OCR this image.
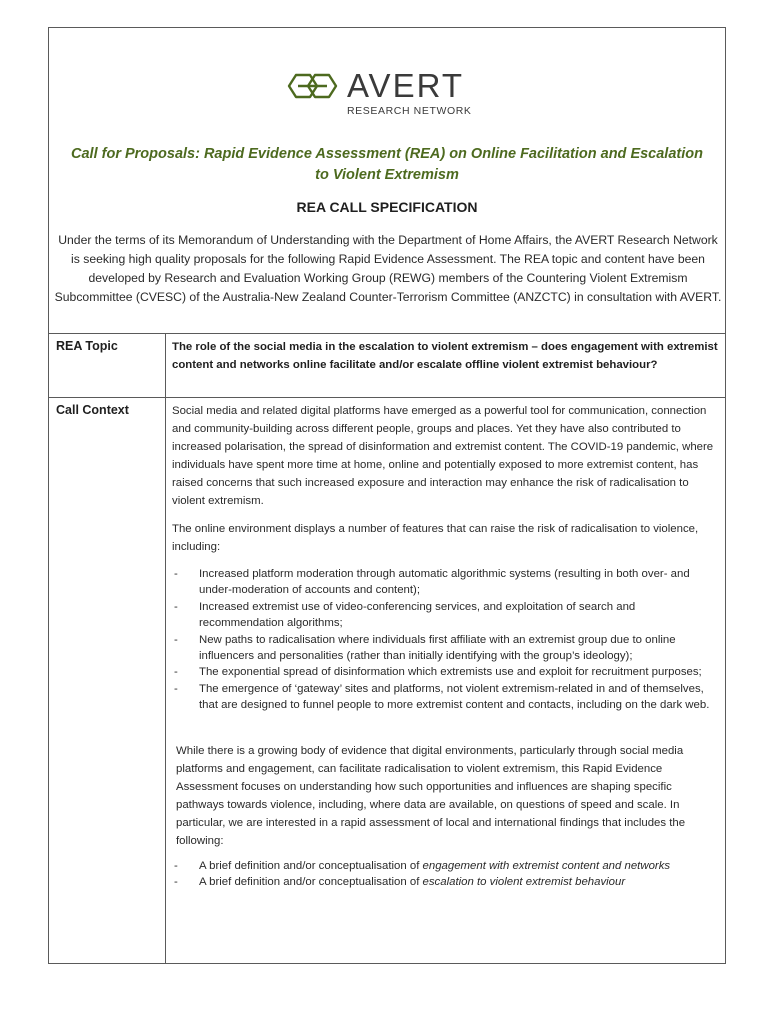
AVERT
RESEARCH NETWORK
Call for Proposals: Rapid Evidence Assessment (REA) on Online Facilitation and Escalation to Violent Extremism
REA CALL SPECIFICATION
Under the terms of its Memorandum of Understanding with the Department of Home Affairs, the AVERT Research Network is seeking high quality proposals for the following Rapid Evidence Assessment. The REA topic and content have been developed by Research and Evaluation Working Group (REWG) members of the Countering Violent Extremism Subcommittee (CVESC) of the Australia-New Zealand Counter-Terrorism Committee (ANZCTC) in consultation with AVERT.
REA Topic	The role of the social media in the escalation to violent extremism – does engagement with extremist content and networks online facilitate and/or escalate offline violent extremist behaviour?
Call Context	Social media and related digital platforms have emerged as a powerful tool for communication, connection and community-building across different people, groups and places. Yet they have also contributed to increased polarisation, the spread of disinformation and extremist content. The COVID-19 pandemic, where individuals have spent more time at home, online and potentially exposed to more extremist content, has raised concerns that such increased exposure and interaction may enhance the risk of radicalisation to violent extremism.

The online environment displays a number of features that can raise the risk of radicalisation to violence, including:

- Increased platform moderation through automatic algorithmic systems (resulting in both over- and under-moderation of accounts and content);
- Increased extremist use of video-conferencing services, and exploitation of search and recommendation algorithms;
- New paths to radicalisation where individuals first affiliate with an extremist group due to online influencers and personalities (rather than initially identifying with the group’s ideology);
- The exponential spread of disinformation which extremists use and exploit for recruitment purposes;
- The emergence of ‘gateway’ sites and platforms, not violent extremism-related in and of themselves, that are designed to funnel people to more extremist content and contacts, including on the dark web.

While there is a growing body of evidence that digital environments, particularly through social media platforms and engagement, can facilitate radicalisation to violent extremism, this Rapid Evidence Assessment focuses on understanding how such opportunities and influences are shaping specific pathways towards violence, including, where data are available, on questions of speed and scale. In particular, we are interested in a rapid assessment of local and international findings that includes the following:

- A brief definition and/or conceptualisation of engagement with extremist content and networks
- A brief definition and/or conceptualisation of escalation to violent extremist behaviour
